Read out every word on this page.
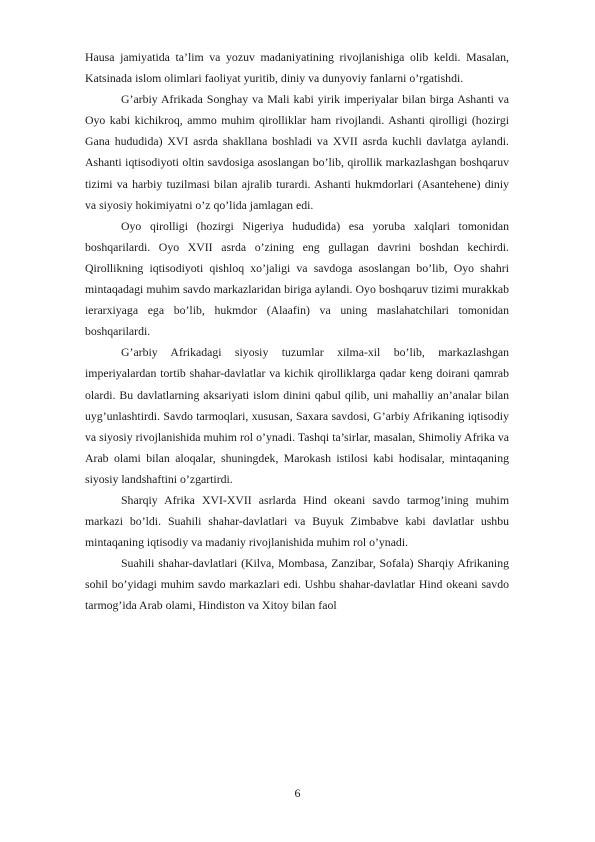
Hausa jamiyatida ta’lim va yozuv madaniyatining rivojlanishiga olib keldi. Masalan, Katsinada islom olimlari faoliyat yuritib, diniy va dunyoviy fanlarni o’rgatishdi.

G’arbiy Afrikada Songhay va Mali kabi yirik imperiyalar bilan birga Ashanti va Oyo kabi kichikroq, ammo muhim qirolliklar ham rivojlandi. Ashanti qirolligi (hozirgi Gana hududida) XVI asrda shakllana boshladi va XVII asrda kuchli davlatga aylandi. Ashanti iqtisodiyoti oltin savdosiga asoslangan bo’lib, qirollik markazlashgan boshqaruv tizimi va harbiy tuzilmasi bilan ajralib turardi. Ashanti hukmdorlari (Asantehene) diniy va siyosiy hokimiyatni o’z qo’lida jamlagan edi.

Oyo qirolligi (hozirgi Nigeriya hududida) esa yoruba xalqlari tomonidan boshqarilardi. Oyo XVII asrda o’zining eng gullagan davrini boshdan kechirdi. Qirollikning iqtisodiyoti qishloq xo’jaligi va savdoga asoslangan bo’lib, Oyo shahri mintaqadagi muhim savdo markazlaridan biriga aylandi. Oyo boshqaruv tizimi murakkab ierarxiyaga ega bo’lib, hukmdor (Alaafin) va uning maslahatchilari tomonidan boshqarilardi.

G’arbiy Afrikadagi siyosiy tuzumlar xilma-xil bo’lib, markazlashgan imperiyalardan tortib shahar-davlatlar va kichik qirolliklarga qadar keng doirani qamrab olardi. Bu davlatlarning aksariyati islom dinini qabul qilib, uni mahalliy an’analar bilan uyg’unlashtirdi. Savdo tarmoqlari, xususan, Saxara savdosi, G’arbiy Afrikaning iqtisodiy va siyosiy rivojlanishida muhim rol o’ynadi. Tashqi ta’sirlar, masalan, Shimoliy Afrika va Arab olami bilan aloqalar, shuningdek, Marokash istilosi kabi hodisalar, mintaqaning siyosiy landshaftini o’zgartirdi.

Sharqiy Afrika XVI-XVII asrlarda Hind okeani savdo tarmog’ining muhim markazi bo’ldi. Suahili shahar-davlatlari va Buyuk Zimbabve kabi davlatlar ushbu mintaqaning iqtisodiy va madaniy rivojlanishida muhim rol o’ynadi.

Suahili shahar-davlatlari (Kilva, Mombasa, Zanzibar, Sofala) Sharqiy Afrikaning sohil bo’yidagi muhim savdo markazlari edi. Ushbu shahar-davlatlar Hind okeani savdo tarmog’ida Arab olami, Hindiston va Xitoy bilan faol

6
